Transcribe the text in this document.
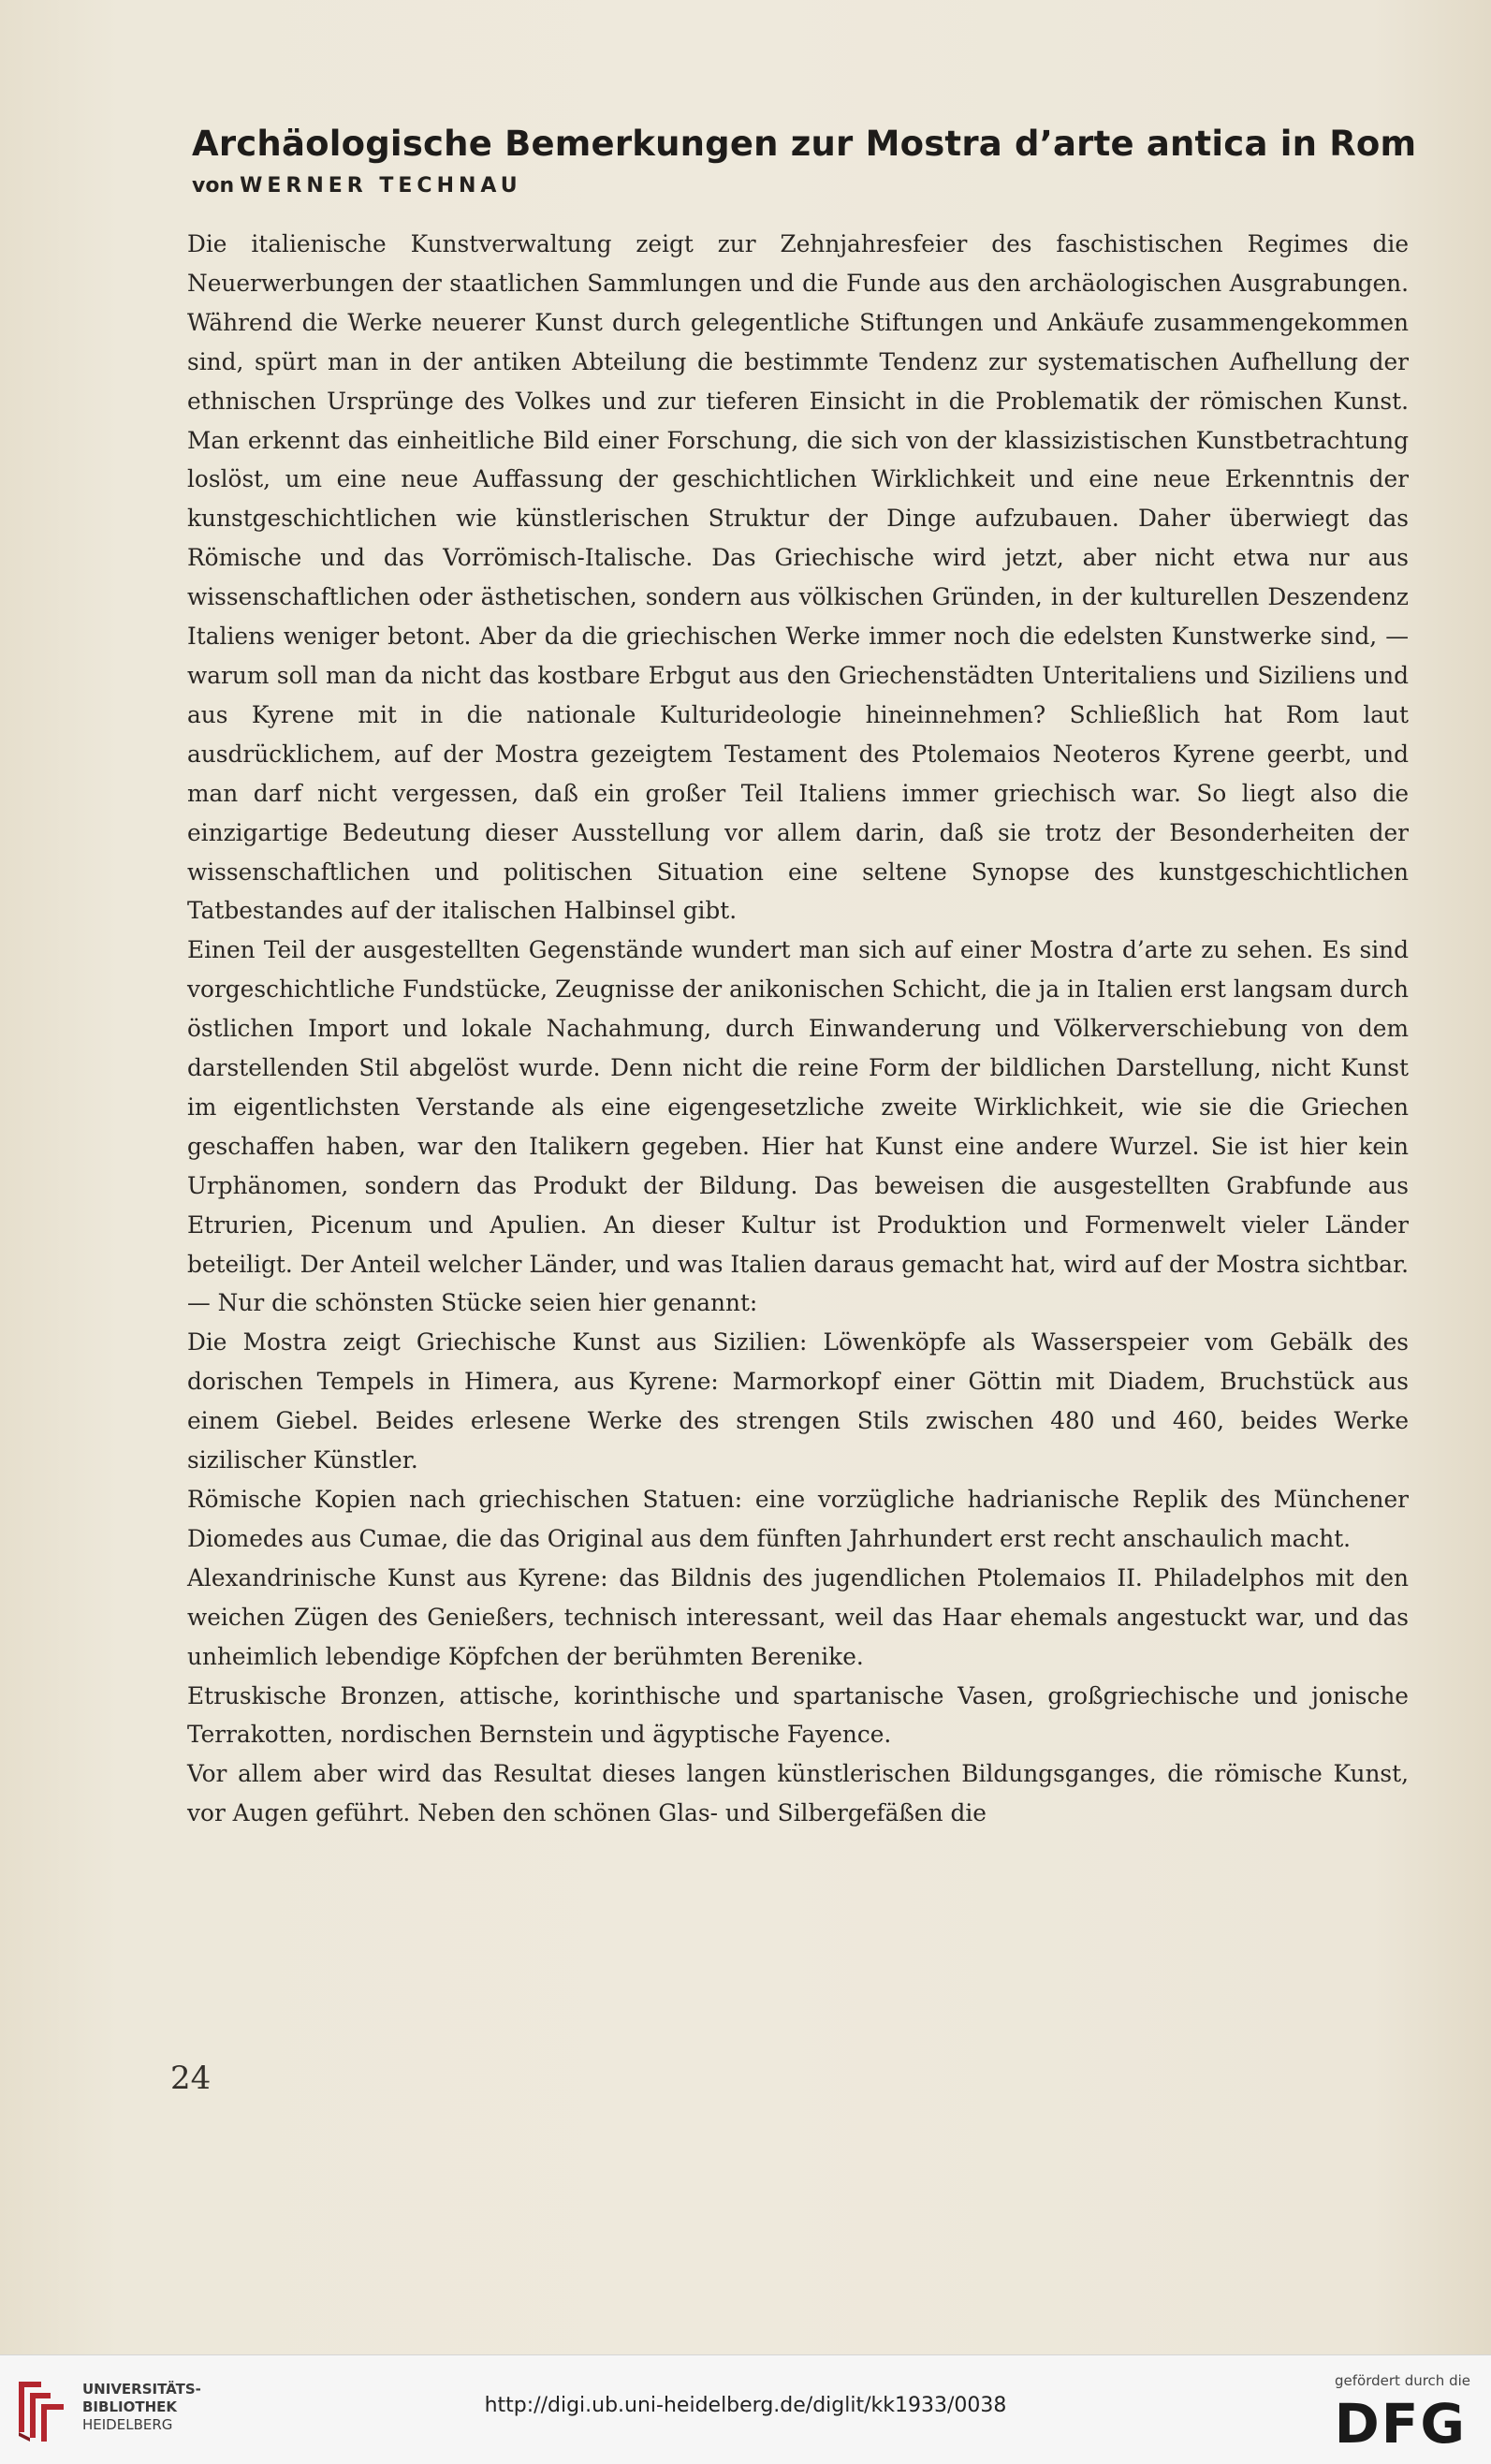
Archäologische Bemerkungen zur Mostra d’arte antica in Rom
von WERNER TECHNAU

Die italienische Kunstverwaltung zeigt zur Zehnjahresfeier des faschistischen Regimes die Neuerwerbungen der staatlichen Sammlungen und die Funde aus den archäologischen Ausgrabungen. Während die Werke neuerer Kunst durch gelegentliche Stiftungen und Ankäufe zusammengekommen sind, spürt man in der antiken Abteilung die bestimmte Tendenz zur systematischen Aufhellung der ethnischen Ursprünge des Volkes und zur tieferen Einsicht in die Problematik der römischen Kunst. Man erkennt das einheitliche Bild einer Forschung, die sich von der klassizistischen Kunstbetrachtung loslöst, um eine neue Auffassung der geschichtlichen Wirklichkeit und eine neue Erkenntnis der kunstgeschichtlichen wie künstlerischen Struktur der Dinge aufzubauen. Daher überwiegt das Römische und das Vorrömisch-Italische. Das Griechische wird jetzt, aber nicht etwa nur aus wissenschaftlichen oder ästhetischen, sondern aus völkischen Gründen, in der kulturellen Deszendenz Italiens weniger betont. Aber da die griechischen Werke immer noch die edelsten Kunstwerke sind, — warum soll man da nicht das kostbare Erbgut aus den Griechenstädten Unteritaliens und Siziliens und aus Kyrene mit in die nationale Kulturideologie hineinnehmen? Schließlich hat Rom laut ausdrücklichem, auf der Mostra gezeigtem Testament des Ptolemaios Neoteros Kyrene geerbt, und man darf nicht vergessen, daß ein großer Teil Italiens immer griechisch war. So liegt also die einzigartige Bedeutung dieser Ausstellung vor allem darin, daß sie trotz der Besonderheiten der wissenschaftlichen und politischen Situation eine seltene Synopse des kunstgeschichtlichen Tatbestandes auf der italischen Halbinsel gibt.

Einen Teil der ausgestellten Gegenstände wundert man sich auf einer Mostra d’arte zu sehen. Es sind vorgeschichtliche Fundstücke, Zeugnisse der anikonischen Schicht, die ja in Italien erst langsam durch östlichen Import und lokale Nachahmung, durch Einwanderung und Völkerverschiebung von dem darstellenden Stil abgelöst wurde. Denn nicht die reine Form der bildlichen Darstellung, nicht Kunst im eigentlichsten Verstande als eine eigengesetzliche zweite Wirklichkeit, wie sie die Griechen geschaffen haben, war den Italikern gegeben. Hier hat Kunst eine andere Wurzel. Sie ist hier kein Urphänomen, sondern das Produkt der Bildung. Das beweisen die ausgestellten Grabfunde aus Etrurien, Picenum und Apulien. An dieser Kultur ist Produktion und Formenwelt vieler Länder beteiligt. Der Anteil welcher Länder, und was Italien daraus gemacht hat, wird auf der Mostra sichtbar. — Nur die schönsten Stücke seien hier genannt:

Die Mostra zeigt Griechische Kunst aus Sizilien: Löwenköpfe als Wasserspeier vom Gebälk des dorischen Tempels in Himera, aus Kyrene: Marmorkopf einer Göttin mit Diadem, Bruchstück aus einem Giebel. Beides erlesene Werke des strengen Stils zwischen 480 und 460, beides Werke sizilischer Künstler.

Römische Kopien nach griechischen Statuen: eine vorzügliche hadrianische Replik des Münchener Diomedes aus Cumae, die das Original aus dem fünften Jahrhundert erst recht anschaulich macht.

Alexandrinische Kunst aus Kyrene: das Bildnis des jugendlichen Ptolemaios II. Philadelphos mit den weichen Zügen des Genießers, technisch interessant, weil das Haar ehemals angestuckt war, und das unheimlich lebendige Köpfchen der berühmten Berenike.

Etruskische Bronzen, attische, korinthische und spartanische Vasen, großgriechische und jonische Terrakotten, nordischen Bernstein und ägyptische Fayence.

Vor allem aber wird das Resultat dieses langen künstlerischen Bildungsganges, die römische Kunst, vor Augen geführt. Neben den schönen Glas- und Silbergefäßen die

24
UNIVERSITÄTS-
BIBLIOTHEK
HEIDELBERG
http://digi.ub.uni-heidelberg.de/diglit/kk1933/0038
gefördert durch die
DFG
